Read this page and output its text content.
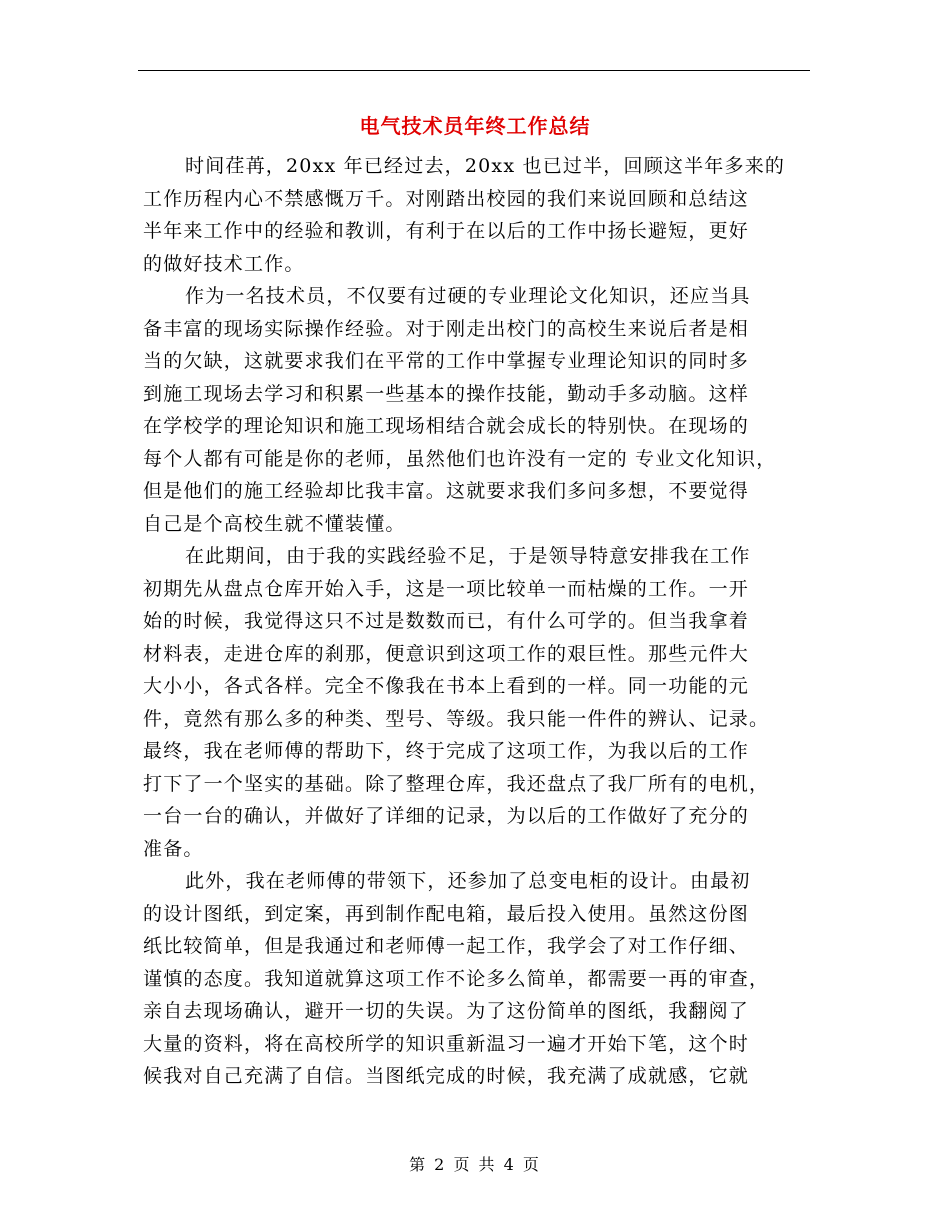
电气技术员年终工作总结
时间荏苒，20xx 年已经过去，20xx 也已过半，回顾这半年多来的
工作历程内心不禁感慨万千。对刚踏出校园的我们来说回顾和总结这
半年来工作中的经验和教训，有利于在以后的工作中扬长避短，更好
的做好技术工作。
作为一名技术员，不仅要有过硬的专业理论文化知识，还应当具
备丰富的现场实际操作经验。对于刚走出校门的高校生来说后者是相
当的欠缺，这就要求我们在平常的工作中掌握专业理论知识的同时多
到施工现场去学习和积累一些基本的操作技能，勤动手多动脑。这样
在学校学的理论知识和施工现场相结合就会成长的特别快。在现场的
每个人都有可能是你的老师，虽然他们也许没有一定的 专业文化知识，
但是他们的施工经验却比我丰富。这就要求我们多问多想，不要觉得
自己是个高校生就不懂装懂。
在此期间，由于我的实践经验不足，于是领导特意安排我在工作
初期先从盘点仓库开始入手，这是一项比较单一而枯燥的工作。一开
始的时候，我觉得这只不过是数数而已，有什么可学的。但当我拿着
材料表，走进仓库的刹那，便意识到这项工作的艰巨性。那些元件大
大小小，各式各样。完全不像我在书本上看到的一样。同一功能的元
件，竟然有那么多的种类、型号、等级。我只能一件件的辨认、记录。
最终，我在老师傅的帮助下，终于完成了这项工作，为我以后的工作
打下了一个坚实的基础。除了整理仓库，我还盘点了我厂所有的电机，
一台一台的确认，并做好了详细的记录，为以后的工作做好了充分的
准备。
此外，我在老师傅的带领下，还参加了总变电柜的设计。由最初
的设计图纸，到定案，再到制作配电箱，最后投入使用。虽然这份图
纸比较简单，但是我通过和老师傅一起工作，我学会了对工作仔细、
谨慎的态度。我知道就算这项工作不论多么简单，都需要一再的审查，
亲自去现场确认，避开一切的失误。为了这份简单的图纸，我翻阅了
大量的资料，将在高校所学的知识重新温习一遍才开始下笔，这个时
候我对自己充满了自信。当图纸完成的时候，我充满了成就感，它就
第 2 页 共 4 页
